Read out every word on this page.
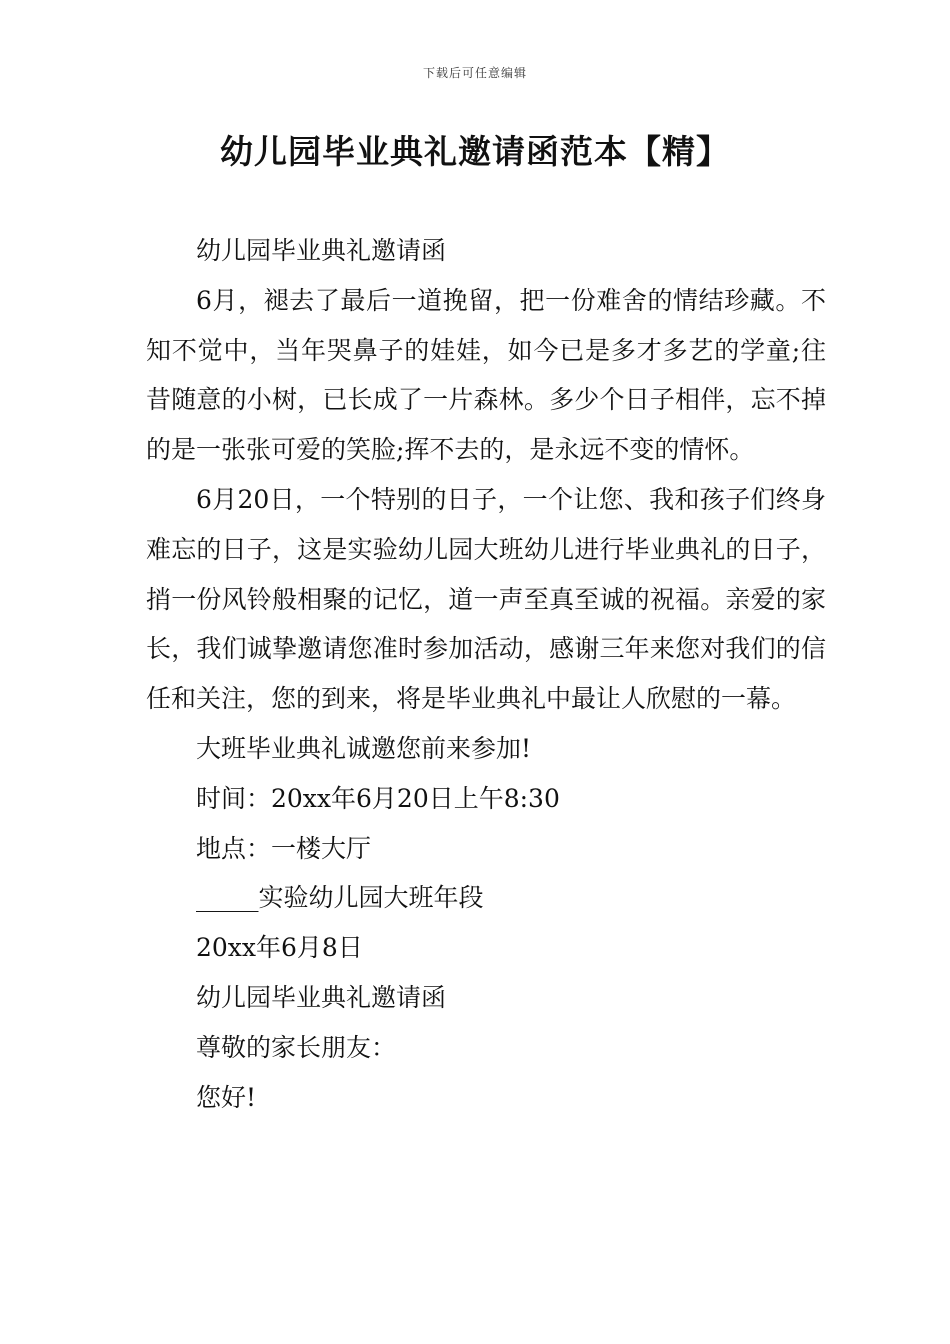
下载后可任意编辑
幼儿园毕业典礼邀请函范本【精】

幼儿园毕业典礼邀请函

6月，褪去了最后一道挽留，把一份难舍的情结珍藏。不知不觉中，当年哭鼻子的娃娃，如今已是多才多艺的学童;往昔随意的小树，已长成了一片森林。多少个日子相伴，忘不掉的是一张张可爱的笑脸;挥不去的，是永远不变的情怀。

6月20日，一个特别的日子，一个让您、我和孩子们终身难忘的日子，这是实验幼儿园大班幼儿进行毕业典礼的日子，捎一份风铃般相聚的记忆，道一声至真至诚的祝福。亲爱的家长，我们诚挚邀请您准时参加活动，感谢三年来您对我们的信任和关注，您的到来，将是毕业典礼中最让人欣慰的一幕。

大班毕业典礼诚邀您前来参加!

时间：20xx年6月20日上午8:30

地点：一楼大厅

_____实验幼儿园大班年段

20xx年6月8日

幼儿园毕业典礼邀请函

尊敬的家长朋友：

您好!
